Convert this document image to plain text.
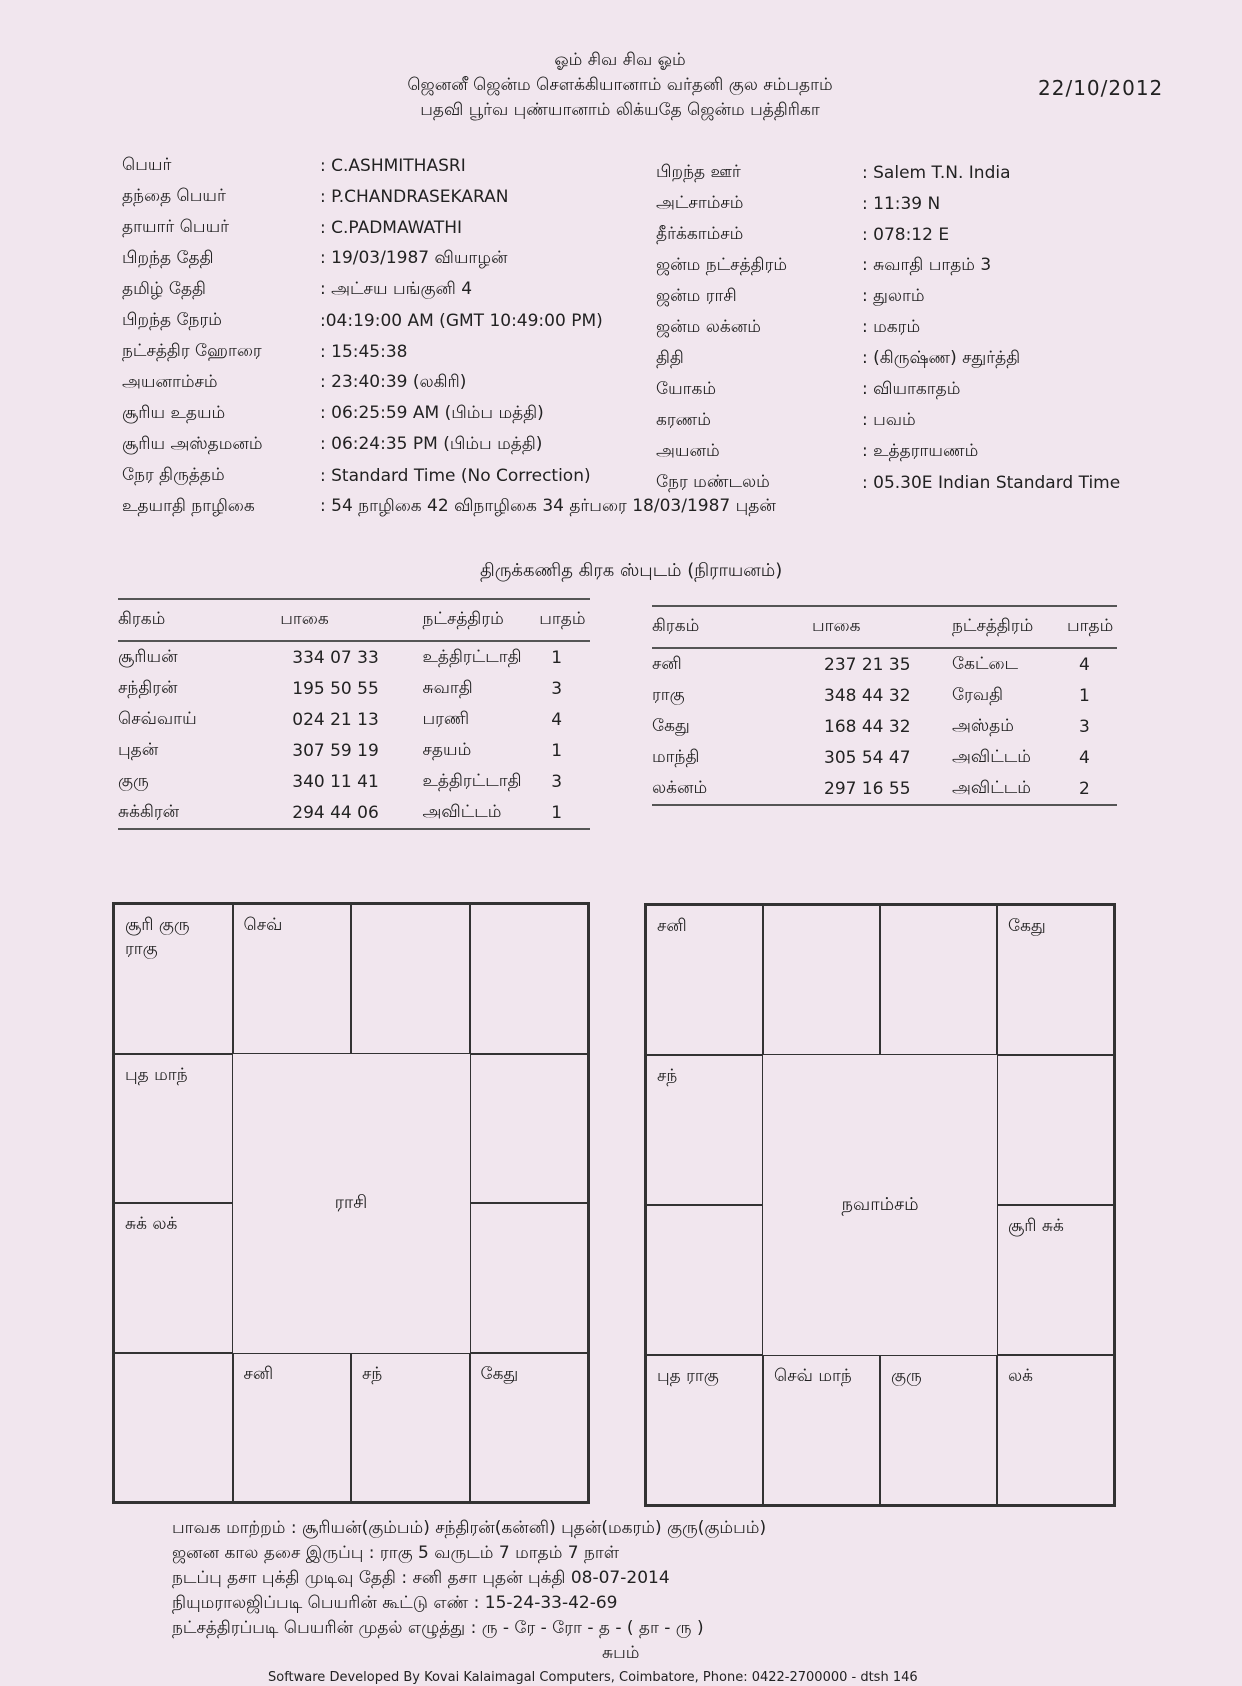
ஓம் சிவ சிவ ஓம்
ஜெனனீ ஜென்ம சௌக்கியானாம் வர்தனி குல சம்பதாம்
பதவி பூர்வ புண்யானாம் லிக்யதே ஜென்ம பத்திரிகா
22/10/2012
பெயர்	: C.ASHMITHASRI
தந்தை பெயர்	: P.CHANDRASEKARAN
தாயார் பெயர்	: C.PADMAWATHI
பிறந்த தேதி	: 19/03/1987 வியாழன்
தமிழ் தேதி	: அட்சய பங்குனி 4
பிறந்த நேரம்	:04:19:00 AM (GMT 10:49:00 PM)
நட்சத்திர ஹோரை	: 15:45:38
அயனாம்சம்	: 23:40:39 (லகிரி)
சூரிய உதயம்	: 06:25:59 AM (பிம்ப மத்தி)
சூரிய அஸ்தமனம்	: 06:24:35 PM (பிம்ப மத்தி)
நேர திருத்தம்	: Standard Time (No Correction)
உதயாதி நாழிகை	: 54 நாழிகை 42 விநாழிகை 34 தர்பரை 18/03/1987 புதன்
பிறந்த ஊர்	: Salem T.N. India
அட்சாம்சம்	: 11:39 N
தீர்க்காம்சம்	: 078:12 E
ஜன்ம நட்சத்திரம்	: சுவாதி பாதம் 3
ஜன்ம ராசி	: துலாம்
ஜன்ம லக்னம்	: மகரம்
திதி	: (கிருஷ்ண) சதுர்த்தி
யோகம்	: வியாகாதம்
கரணம்	: பவம்
அயனம்	: உத்தராயணம்
நேர மண்டலம்	: 05.30E Indian Standard Time
திருக்கணித கிரக ஸ்புடம் (நிராயனம்)
கிரகம்	பாகை	நட்சத்திரம்	பாதம்
சூரியன்	334 07 33	உத்திரட்டாதி	1
சந்திரன்	195 50 55	சுவாதி	3
செவ்வாய்	024 21 13	பரணி	4
புதன்	307 59 19	சதயம்	1
குரு	340 11 41	உத்திரட்டாதி	3
சுக்கிரன்	294 44 06	அவிட்டம்	1
கிரகம்	பாகை	நட்சத்திரம்	பாதம்
சனி	237 21 35	கேட்டை	4
ராகு	348 44 32	ரேவதி	1
கேது	168 44 32	அஸ்தம்	3
மாந்தி	305 54 47	அவிட்டம்	4
லக்னம்	297 16 55	அவிட்டம்	2
சூரி குரு
ராகு
செவ்
புத மாந்
சுக் லக்
சனி	சந்	கேது
ராசி
சனி	கேது
சந்
சூரி சுக்
புத ராகு	செவ் மாந்	குரு	லக்
நவாம்சம்
பாவக மாற்றம் : சூரியன்(கும்பம்) சந்திரன்(கன்னி) புதன்(மகரம்) குரு(கும்பம்)
ஜனன கால தசை இருப்பு : ராகு 5 வருடம் 7 மாதம் 7 நாள்
நடப்பு தசா புக்தி முடிவு தேதி : சனி தசா புதன் புக்தி 08-07-2014
நியுமராலஜிப்படி பெயரின் கூட்டு எண் : 15-24-33-42-69
நட்சத்திரப்படி பெயரின் முதல் எழுத்து : ரு - ரே - ரோ - த - ( தா - ரு )
சுபம்
Software Developed By Kovai Kalaimagal Computers, Coimbatore, Phone: 0422-2700000 - dtsh 146
